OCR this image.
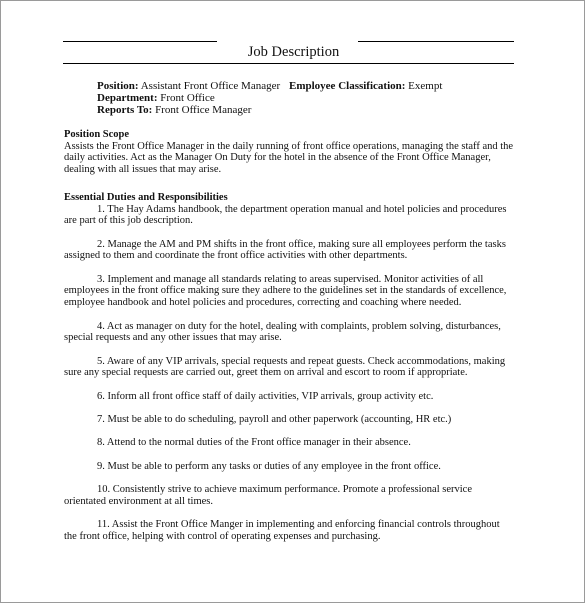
Job Description
Position: Assistant Front Office Manager Employee Classification: Exempt
Department: Front Office
Reports To: Front Office Manager

Position Scope

Assists the Front Office Manager in the daily running of front office operations, managing the staff and the daily activities. Act as the Manager On Duty for the hotel in the absence of the Front Office Manager, dealing with all issues that may arise.

Essential Duties and Responsibilities

1. The Hay Adams handbook, the department operation manual and hotel policies and procedures are part of this job description.

2. Manage the AM and PM shifts in the front office, making sure all employees perform the tasks assigned to them and coordinate the front office activities with other departments.

3. Implement and manage all standards relating to areas supervised. Monitor activities of all employees in the front office making sure they adhere to the guidelines set in the standards of excellence, employee handbook and hotel policies and procedures, correcting and coaching where needed.

4. Act as manager on duty for the hotel, dealing with complaints, problem solving, disturbances, special requests and any other issues that may arise.

5. Aware of any VIP arrivals, special requests and repeat guests. Check accommodations, making sure any special requests are carried out, greet them on arrival and escort to room if appropriate.

6. Inform all front office staff of daily activities, VIP arrivals, group activity etc.

7. Must be able to do scheduling, payroll and other paperwork (accounting, HR etc.)

8. Attend to the normal duties of the Front office manager in their absence.

9. Must be able to perform any tasks or duties of any employee in the front office.

10. Consistently strive to achieve maximum performance. Promote a professional service orientated environment at all times.

11. Assist the Front Office Manger in implementing and enforcing financial controls throughout the front office, helping with control of operating expenses and purchasing.
